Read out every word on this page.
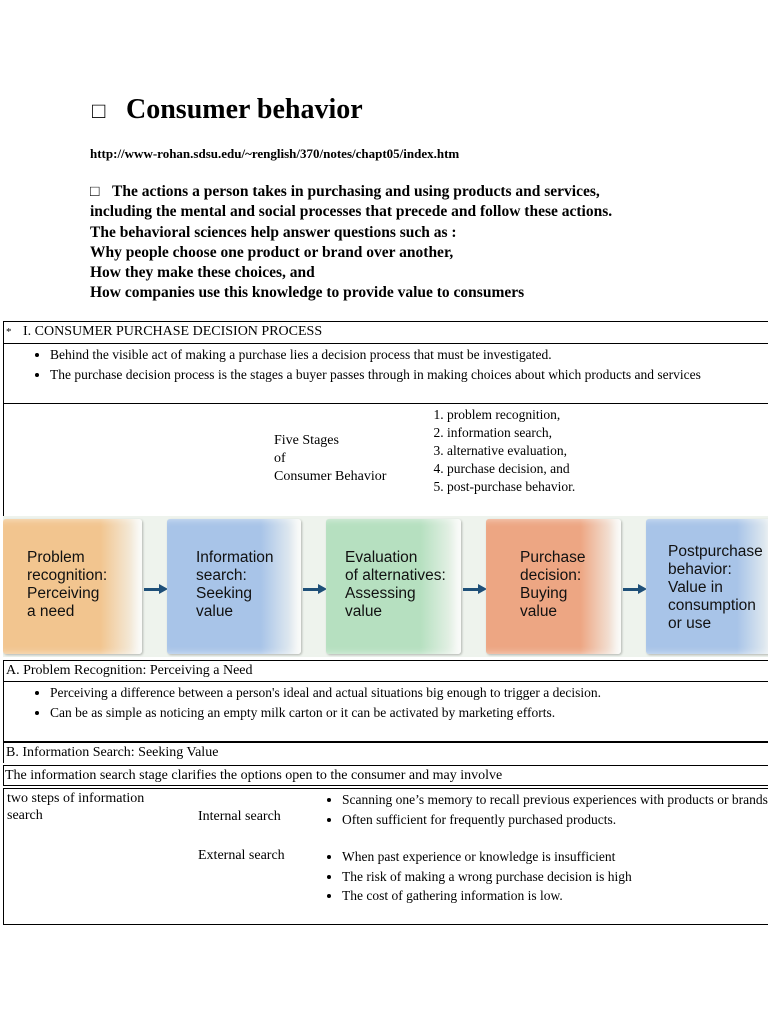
□ Consumer behavior
http://www-rohan.sdsu.edu/~renglish/370/notes/chapt05/index.htm
□ The actions a person takes in purchasing and using products and services,
including the mental and social processes that precede and follow these actions.
The behavioral sciences help answer questions such as :
Why people choose one product or brand over another,
How they make these choices, and
How companies use this knowledge to provide value to consumers
* I. CONSUMER PURCHASE DECISION PROCESS
• Behind the visible act of making a purchase lies a decision process that must be investigated.
• The purchase decision process is the stages a buyer passes through in making choices about which products and services
Five Stages
of
Consumer Behavior
1. problem recognition,
2. information search,
3. alternative evaluation,
4. purchase decision, and
5. post-purchase behavior.
Problem
recognition:
Perceiving
a need
Information
search:
Seeking
value
Evaluation
of alternatives:
Assessing
value
Purchase
decision:
Buying
value
Postpurchase
behavior:
Value in
consumption
or use
A. Problem Recognition: Perceiving a Need
• Perceiving a difference between a person's ideal and actual situations big enough to trigger a decision.
• Can be as simple as noticing an empty milk carton or it can be activated by marketing efforts.
B. Information Search: Seeking Value
The information search stage clarifies the options open to the consumer and may involve
two steps of information
search	Internal search
• Scanning one’s memory to recall previous experiences with products or brands
• Often sufficient for frequently purchased products.
External search
•	When past experience or knowledge is insufficient
• The risk of making a wrong purchase decision is high
• The cost of gathering information is low.
